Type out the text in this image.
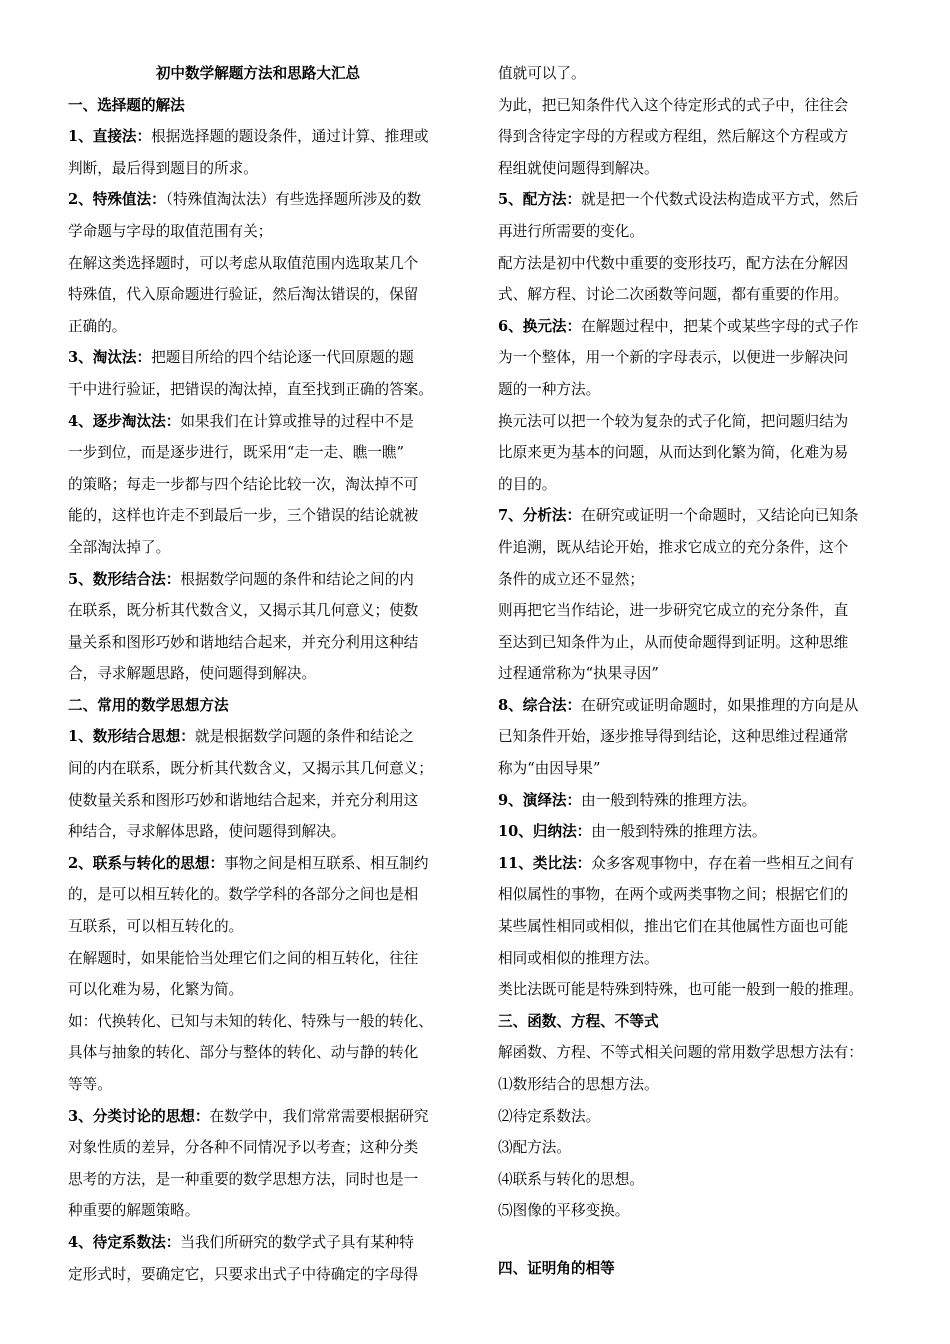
初中数学解题方法和思路大汇总
一、选择题的解法
1、直接法：根据选择题的题设条件，通过计算、推理或
判断，最后得到题目的所求。
2、特殊值法：（特殊值淘汰法）有些选择题所涉及的数
学命题与字母的取值范围有关；
在解这类选择题时，可以考虑从取值范围内选取某几个
特殊值，代入原命题进行验证，然后淘汰错误的，保留
正确的。
3、淘汰法：把题目所给的四个结论逐一代回原题的题
干中进行验证，把错误的淘汰掉，直至找到正确的答案。
4、逐步淘汰法：如果我们在计算或推导的过程中不是
一步到位，而是逐步进行，既采用“走一走、瞧一瞧”
的策略；每走一步都与四个结论比较一次，淘汰掉不可
能的，这样也许走不到最后一步，三个错误的结论就被
全部淘汰掉了。
5、数形结合法：根据数学问题的条件和结论之间的内
在联系，既分析其代数含义，又揭示其几何意义；使数
量关系和图形巧妙和谐地结合起来，并充分利用这种结
合，寻求解题思路，使问题得到解决。
二、常用的数学思想方法
1、数形结合思想：就是根据数学问题的条件和结论之
间的内在联系，既分析其代数含义，又揭示其几何意义；
使数量关系和图形巧妙和谐地结合起来，并充分利用这
种结合，寻求解体思路，使问题得到解决。
2、联系与转化的思想：事物之间是相互联系、相互制约
的，是可以相互转化的。数学学科的各部分之间也是相
互联系，可以相互转化的。
在解题时，如果能恰当处理它们之间的相互转化，往往
可以化难为易，化繁为简。
如：代换转化、已知与未知的转化、特殊与一般的转化、
具体与抽象的转化、部分与整体的转化、动与静的转化
等等。
3、分类讨论的思想：在数学中，我们常常需要根据研究
对象性质的差异，分各种不同情况予以考查；这种分类
思考的方法，是一种重要的数学思想方法，同时也是一
种重要的解题策略。
4、待定系数法：当我们所研究的数学式子具有某种特
定形式时，要确定它，只要求出式子中待确定的字母得
值就可以了。
为此，把已知条件代入这个待定形式的式子中，往往会
得到含待定字母的方程或方程组，然后解这个方程或方
程组就使问题得到解决。
5、配方法：就是把一个代数式设法构造成平方式，然后
再进行所需要的变化。
配方法是初中代数中重要的变形技巧，配方法在分解因
式、解方程、讨论二次函数等问题，都有重要的作用。
6、换元法：在解题过程中，把某个或某些字母的式子作
为一个整体，用一个新的字母表示，以便进一步解决问
题的一种方法。
换元法可以把一个较为复杂的式子化简，把问题归结为
比原来更为基本的问题，从而达到化繁为简，化难为易
的目的。
7、分析法：在研究或证明一个命题时，又结论向已知条
件追溯，既从结论开始，推求它成立的充分条件，这个
条件的成立还不显然；
则再把它当作结论，进一步研究它成立的充分条件，直
至达到已知条件为止，从而使命题得到证明。这种思维
过程通常称为“执果寻因”
8、综合法：在研究或证明命题时，如果推理的方向是从
已知条件开始，逐步推导得到结论，这种思维过程通常
称为“由因导果”
9、演绎法：由一般到特殊的推理方法。
10、归纳法：由一般到特殊的推理方法。
11、类比法：众多客观事物中，存在着一些相互之间有
相似属性的事物，在两个或两类事物之间；根据它们的
某些属性相同或相似，推出它们在其他属性方面也可能
相同或相似的推理方法。
类比法既可能是特殊到特殊，也可能一般到一般的推理。
三、函数、方程、不等式
解函数、方程、不等式相关问题的常用数学思想方法有：
⑴数形结合的思想方法。
⑵待定系数法。
⑶配方法。
⑷联系与转化的思想。
⑸图像的平移变换。
四、证明角的相等
